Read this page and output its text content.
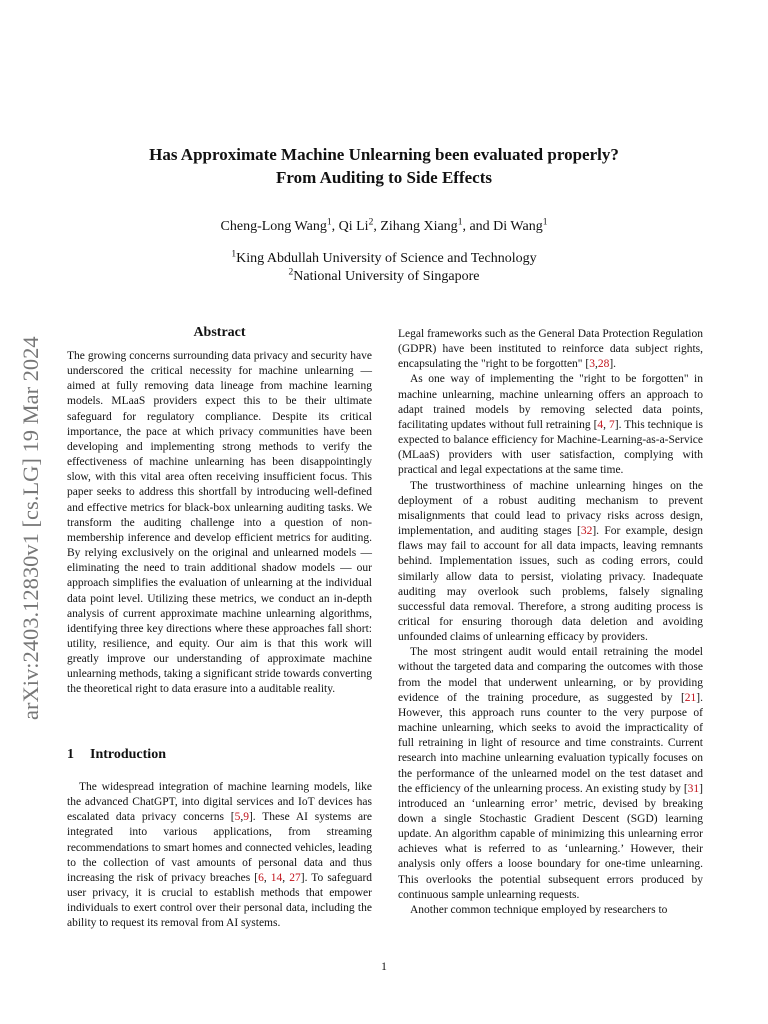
arXiv:2403.12830v1 [cs.LG] 19 Mar 2024
Has Approximate Machine Unlearning been evaluated properly?
From Auditing to Side Effects
Cheng-Long Wang$^1$, Qi Li$^2$, Zihang Xiang$^1$, and Di Wang$^1$
$^1$King Abdullah University of Science and Technology
$^2$National University of Singapore
Abstract

The growing concerns surrounding data privacy and security have underscored the critical necessity for machine unlearning — aimed at fully removing data lineage from machine learning models. MLaaS providers expect this to be their ultimate safeguard for regulatory compliance. Despite its critical importance, the pace at which privacy communities have been developing and implementing strong methods to verify the effectiveness of machine unlearning has been disappointingly slow, with this vital area often receiving insufficient focus. This paper seeks to address this shortfall by introducing well-defined and effective metrics for black-box unlearning auditing tasks. We transform the auditing challenge into a question of non-membership inference and develop efficient metrics for auditing. By relying exclusively on the original and unlearned models — eliminating the need to train additional shadow models — our approach simplifies the evaluation of unlearning at the individual data point level. Utilizing these metrics, we conduct an in-depth analysis of current approximate machine unlearning algorithms, identifying three key directions where these approaches fall short: utility, resilience, and equity. Our aim is that this work will greatly improve our understanding of approximate machine unlearning methods, taking a significant stride towards converting the theoretical right to data erasure into a auditable reality.

1 Introduction

The widespread integration of machine learning models, like the advanced ChatGPT, into digital services and IoT devices has escalated data privacy concerns [5,9]. These AI systems are integrated into various applications, from streaming recommendations to smart homes and connected vehicles, leading to the collection of vast amounts of personal data and thus increasing the risk of privacy breaches [6, 14, 27]. To safeguard user privacy, it is crucial to establish methods that empower individuals to exert control over their personal data, including the ability to request its removal from AI systems.

Legal frameworks such as the General Data Protection Regulation (GDPR) have been instituted to reinforce data subject rights, encapsulating the "right to be forgotten" [3,28].

As one way of implementing the "right to be forgotten" in machine unlearning, machine unlearning offers an approach to adapt trained models by removing selected data points, facilitating updates without full retraining [4, 7]. This technique is expected to balance efficiency for Machine-Learning-as-a-Service (MLaaS) providers with user satisfaction, complying with practical and legal expectations at the same time.

The trustworthiness of machine unlearning hinges on the deployment of a robust auditing mechanism to prevent misalignments that could lead to privacy risks across design, implementation, and auditing stages [32]. For example, design flaws may fail to account for all data impacts, leaving remnants behind. Implementation issues, such as coding errors, could similarly allow data to persist, violating privacy. Inadequate auditing may overlook such problems, falsely signaling successful data removal. Therefore, a strong auditing process is critical for ensuring thorough data deletion and avoiding unfounded claims of unlearning efficacy by providers.

The most stringent audit would entail retraining the model without the targeted data and comparing the outcomes with those from the model that underwent unlearning, or by providing evidence of the training procedure, as suggested by [21]. However, this approach runs counter to the very purpose of machine unlearning, which seeks to avoid the impracticality of full retraining in light of resource and time constraints. Current research into machine unlearning evaluation typically focuses on the performance of the unlearned model on the test dataset and the efficiency of the unlearning process. An existing study by [31] introduced an ‘unlearning error’ metric, devised by breaking down a single Stochastic Gradient Descent (SGD) learning update. An algorithm capable of minimizing this unlearning error achieves what is referred to as ‘unlearning.’ However, their analysis only offers a loose boundary for one-time unlearning. This overlooks the potential subsequent errors produced by continuous sample unlearning requests.

Another common technique employed by researchers to

1
